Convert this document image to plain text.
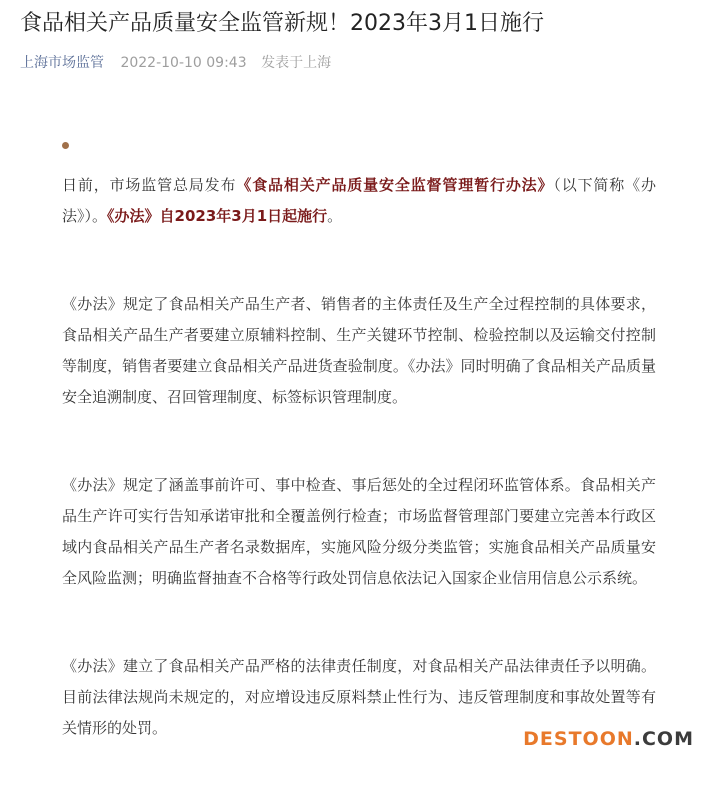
食品相关产品质量安全监管新规！2023年3月1日施行
上海市场监管 2022-10-10 09:43 发表于上海

日前，市场监管总局发布《食品相关产品质量安全监督管理暂行办法》（以下简称《办法》）。《办法》自2023年3月1日起施行。

《办法》规定了食品相关产品生产者、销售者的主体责任及生产全过程控制的具体要求，食品相关产品生产者要建立原辅料控制、生产关键环节控制、检验控制以及运输交付控制等制度，销售者要建立食品相关产品进货查验制度。《办法》同时明确了食品相关产品质量安全追溯制度、召回管理制度、标签标识管理制度。

《办法》规定了涵盖事前许可、事中检查、事后惩处的全过程闭环监管体系。食品相关产品生产许可实行告知承诺审批和全覆盖例行检查；市场监督管理部门要建立完善本行政区域内食品相关产品生产者名录数据库，实施风险分级分类监管；实施食品相关产品质量安全风险监测；明确监督抽查不合格等行政处罚信息依法记入国家企业信用信息公示系统。

《办法》建立了食品相关产品严格的法律责任制度，对食品相关产品法律责任予以明确。目前法律法规尚未规定的，对应增设违反原料禁止性行为、违反管理制度和事故处置等有关情形的处罚。	DESTOON.COM
